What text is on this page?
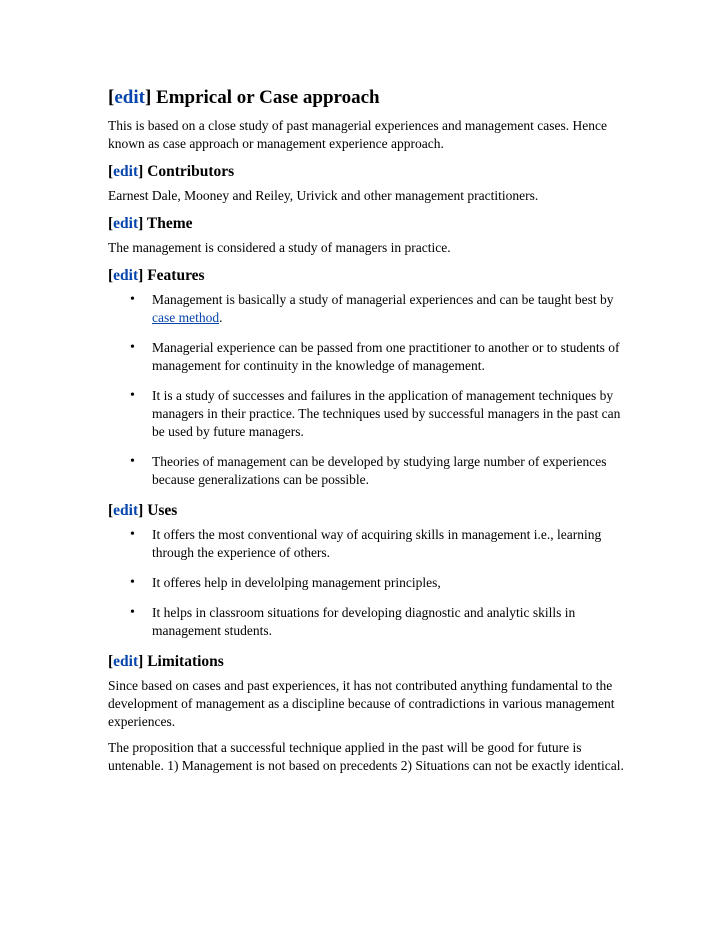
[edit] Emprical or Case approach

This is based on a close study of past managerial experiences and management cases. Hence known as case approach or management experience approach.

[edit] Contributors

Earnest Dale, Mooney and Reiley, Urivick and other management practitioners.

[edit] Theme

The management is considered a study of managers in practice.

[edit] Features
• Management is basically a study of managerial experiences and can be taught best by case method.
• Managerial experience can be passed from one practitioner to another or to students of management for continuity in the knowledge of management.
• It is a study of successes and failures in the application of management techniques by managers in their practice. The techniques used by successful managers in the past can be used by future managers.
• Theories of management can be developed by studying large number of experiences because generalizations can be possible.
[edit] Uses
• It offers the most conventional way of acquiring skills in management i.e., learning through the experience of others.
• It offeres help in develolping management principles,
• It helps in classroom situations for developing diagnostic and analytic skills in management students.
[edit] Limitations

Since based on cases and past experiences, it has not contributed anything fundamental to the development of management as a discipline because of contradictions in various management experiences.

The proposition that a successful technique applied in the past will be good for future is untenable. 1) Management is not based on precedents 2) Situations can not be exactly identical.
